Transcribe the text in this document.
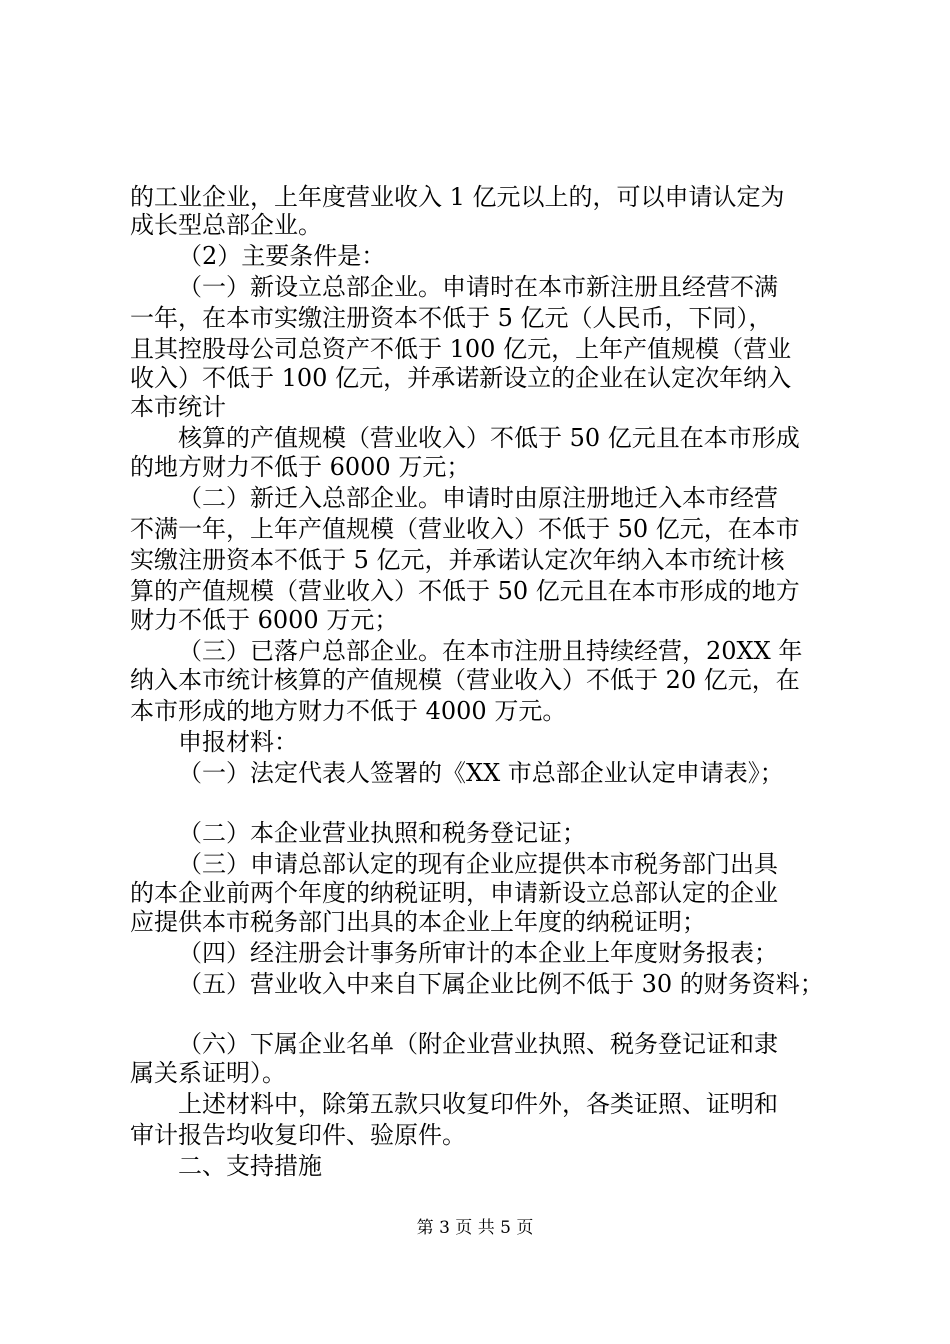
的工业企业，上年度营业收入 1 亿元以上的，可以申请认定为
成长型总部企业。
（2）主要条件是：
（一）新设立总部企业。申请时在本市新注册且经营不满
一年，在本市实缴注册资本不低于 5 亿元（人民币，下同），
且其控股母公司总资产不低于 100 亿元，上年产值规模（营业
收入）不低于 100 亿元，并承诺新设立的企业在认定次年纳入
本市统计
核算的产值规模（营业收入）不低于 50 亿元且在本市形成
的地方财力不低于 6000 万元；
（二）新迁入总部企业。申请时由原注册地迁入本市经营
不满一年，上年产值规模（营业收入）不低于 50 亿元，在本市
实缴注册资本不低于 5 亿元，并承诺认定次年纳入本市统计核
算的产值规模（营业收入）不低于 50 亿元且在本市形成的地方
财力不低于 6000 万元；
（三）已落户总部企业。在本市注册且持续经营，20XX 年
纳入本市统计核算的产值规模（营业收入）不低于 20 亿元，在
本市形成的地方财力不低于 4000 万元。
申报材料：
（一）法定代表人签署的《XX 市总部企业认定申请表》；
（二）本企业营业执照和税务登记证；
（三）申请总部认定的现有企业应提供本市税务部门出具
的本企业前两个年度的纳税证明，申请新设立总部认定的企业
应提供本市税务部门出具的本企业上年度的纳税证明；
（四）经注册会计事务所审计的本企业上年度财务报表；
（五）营业收入中来自下属企业比例不低于 30 的财务资料；
（六）下属企业名单（附企业营业执照、税务登记证和隶
属关系证明）。
上述材料中，除第五款只收复印件外，各类证照、证明和
审计报告均收复印件、验原件。
二、支持措施
第 3 页 共 5 页
